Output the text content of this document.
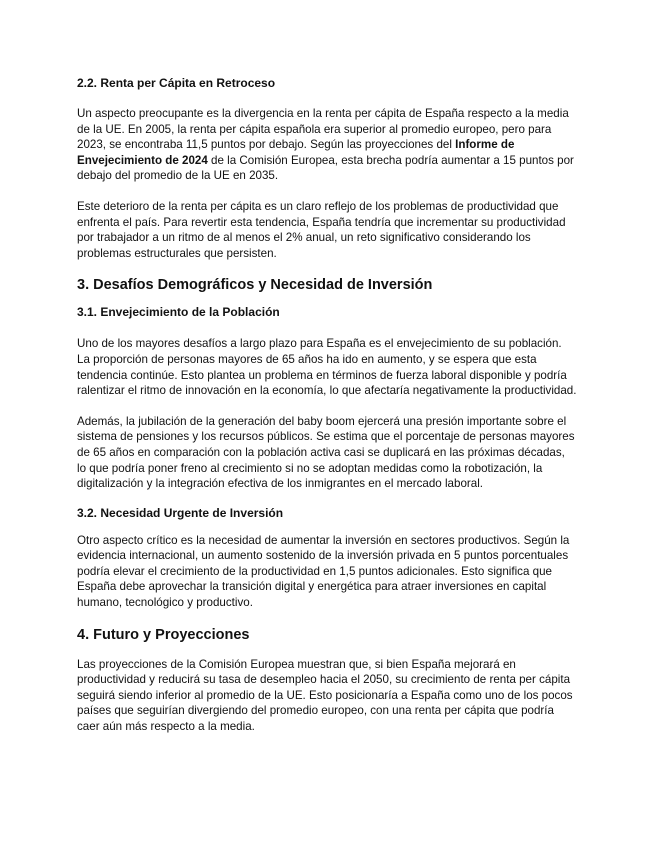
2.2. Renta per Cápita en Retroceso

Un aspecto preocupante es la divergencia en la renta per cápita de España respecto a la media de la UE. En 2005, la renta per cápita española era superior al promedio europeo, pero para 2023, se encontraba 11,5 puntos por debajo. Según las proyecciones del Informe de Envejecimiento de 2024 de la Comisión Europea, esta brecha podría aumentar a 15 puntos por debajo del promedio de la UE en 2035.

Este deterioro de la renta per cápita es un claro reflejo de los problemas de productividad que enfrenta el país. Para revertir esta tendencia, España tendría que incrementar su productividad por trabajador a un ritmo de al menos el 2% anual, un reto significativo considerando los problemas estructurales que persisten.

3. Desafíos Demográficos y Necesidad de Inversión
3.1. Envejecimiento de la Población

Uno de los mayores desafíos a largo plazo para España es el envejecimiento de su población. La proporción de personas mayores de 65 años ha ido en aumento, y se espera que esta tendencia continúe. Esto plantea un problema en términos de fuerza laboral disponible y podría ralentizar el ritmo de innovación en la economía, lo que afectaría negativamente la productividad.

Además, la jubilación de la generación del baby boom ejercerá una presión importante sobre el sistema de pensiones y los recursos públicos. Se estima que el porcentaje de personas mayores de 65 años en comparación con la población activa casi se duplicará en las próximas décadas, lo que podría poner freno al crecimiento si no se adoptan medidas como la robotización, la digitalización y la integración efectiva de los inmigrantes en el mercado laboral.

3.2. Necesidad Urgente de Inversión

Otro aspecto crítico es la necesidad de aumentar la inversión en sectores productivos. Según la evidencia internacional, un aumento sostenido de la inversión privada en 5 puntos porcentuales podría elevar el crecimiento de la productividad en 1,5 puntos adicionales. Esto significa que España debe aprovechar la transición digital y energética para atraer inversiones en capital humano, tecnológico y productivo.

4. Futuro y Proyecciones

Las proyecciones de la Comisión Europea muestran que, si bien España mejorará en productividad y reducirá su tasa de desempleo hacia el 2050, su crecimiento de renta per cápita seguirá siendo inferior al promedio de la UE. Esto posicionaría a España como uno de los pocos países que seguirían divergiendo del promedio europeo, con una renta per cápita que podría caer aún más respecto a la media.
